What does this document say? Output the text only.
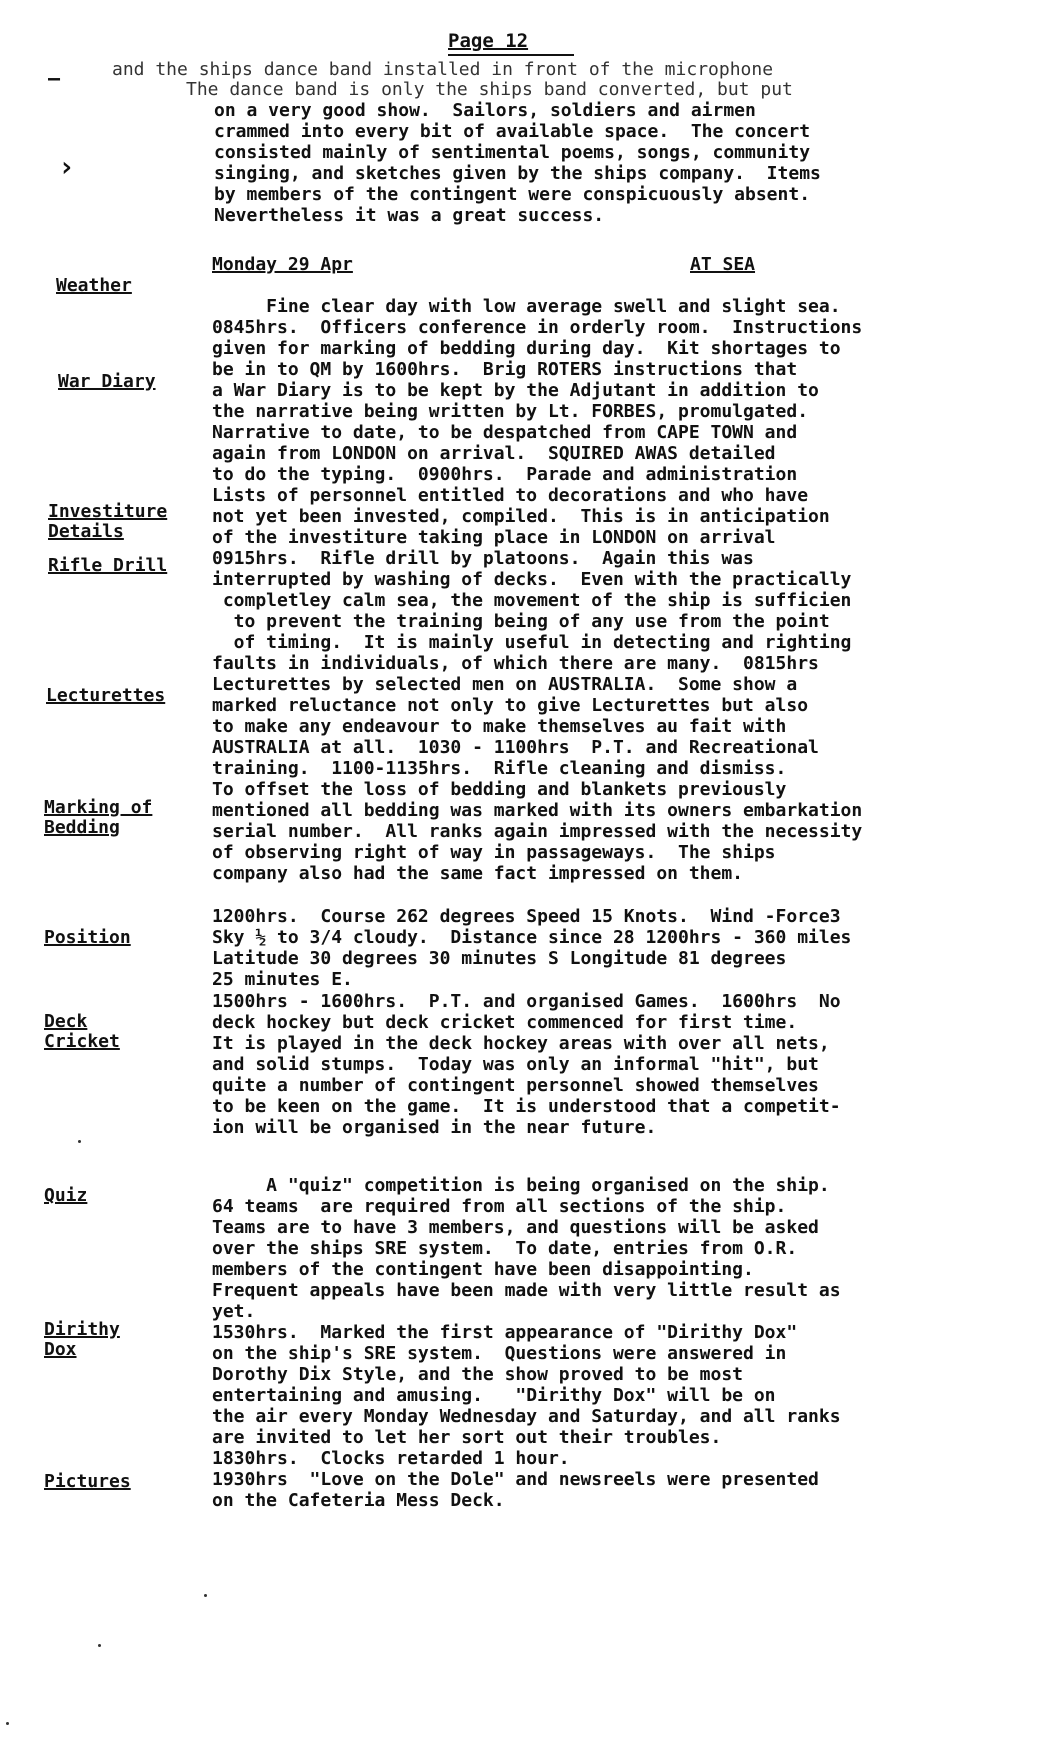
Page 12
–
›
and the ships dance band installed in front of the microphone
The dance band is only the ships band converted, but put
on a very good show.  Sailors, soldiers and airmen
crammed into every bit of available space.  The concert
consisted mainly of sentimental poems, songs, community
singing, and sketches given by the ships company.  Items
by members of the contingent were conspicuously absent.
Nevertheless it was a great success.
Monday 29 Apr	AT SEA
Weather
War Diary
Investiture
Details
Rifle Drill
Lecturettes
Marking of
Bedding
Position
Deck
Cricket
Quiz
Dirithy
Dox
Pictures
Fine clear day with low average swell and slight sea.
0845hrs.  Officers conference in orderly room.  Instructions
given for marking of bedding during day.  Kit shortages to
be in to QM by 1600hrs.  Brig ROTERS instructions that
a War Diary is to be kept by the Adjutant in addition to
the narrative being written by Lt. FORBES, promulgated.
Narrative to date, to be despatched from CAPE TOWN and
again from LONDON on arrival.  SQUIRED AWAS detailed
to do the typing.  0900hrs.  Parade and administration
Lists of personnel entitled to decorations and who have
not yet been invested, compiled.  This is in anticipation
of the investiture taking place in LONDON on arrival
0915hrs.  Rifle drill by platoons.  Again this was
interrupted by washing of decks.  Even with the practically
completley calm sea, the movement of the ship is sufficien
to prevent the training being of any use from the point
of timing.  It is mainly useful in detecting and righting
faults in individuals, of which there are many.  0815hrs
Lecturettes by selected men on AUSTRALIA.  Some show a
marked reluctance not only to give Lecturettes but also
to make any endeavour to make themselves au fait with
AUSTRALIA at all.  1030 - 1100hrs  P.T. and Recreational
training.  1100-1135hrs.  Rifle cleaning and dismiss.
To offset the loss of bedding and blankets previously
mentioned all bedding was marked with its owners embarkation
serial number.  All ranks again impressed with the necessity
of observing right of way in passageways.  The ships
company also had the same fact impressed on them.
1200hrs.  Course 262 degrees Speed 15 Knots.  Wind -Force3
Sky ½ to 3/4 cloudy.  Distance since 28 1200hrs - 360 miles
Latitude 30 degrees 30 minutes S Longitude 81 degrees
25 minutes E.
1500hrs - 1600hrs.  P.T. and organised Games.  1600hrs  No
deck hockey but deck cricket commenced for first time.
It is played in the deck hockey areas with over all nets,
and solid stumps.  Today was only an informal "hit", but
quite a number of contingent personnel showed themselves
to be keen on the game.  It is understood that a competit-
ion will be organised in the near future.
A "quiz" competition is being organised on the ship.
64 teams  are required from all sections of the ship.
Teams are to have 3 members, and questions will be asked
over the ships SRE system.  To date, entries from O.R.
members of the contingent have been disappointing.
Frequent appeals have been made with very little result as
yet.
1530hrs.  Marked the first appearance of "Dirithy Dox"
on the ship's SRE system.  Questions were answered in
Dorothy Dix Style, and the show proved to be most
entertaining and amusing.   "Dirithy Dox" will be on
the air every Monday Wednesday and Saturday, and all ranks
are invited to let her sort out their troubles.
1830hrs.  Clocks retarded 1 hour.
1930hrs  "Love on the Dole" and newsreels were presented
on the Cafeteria Mess Deck.
